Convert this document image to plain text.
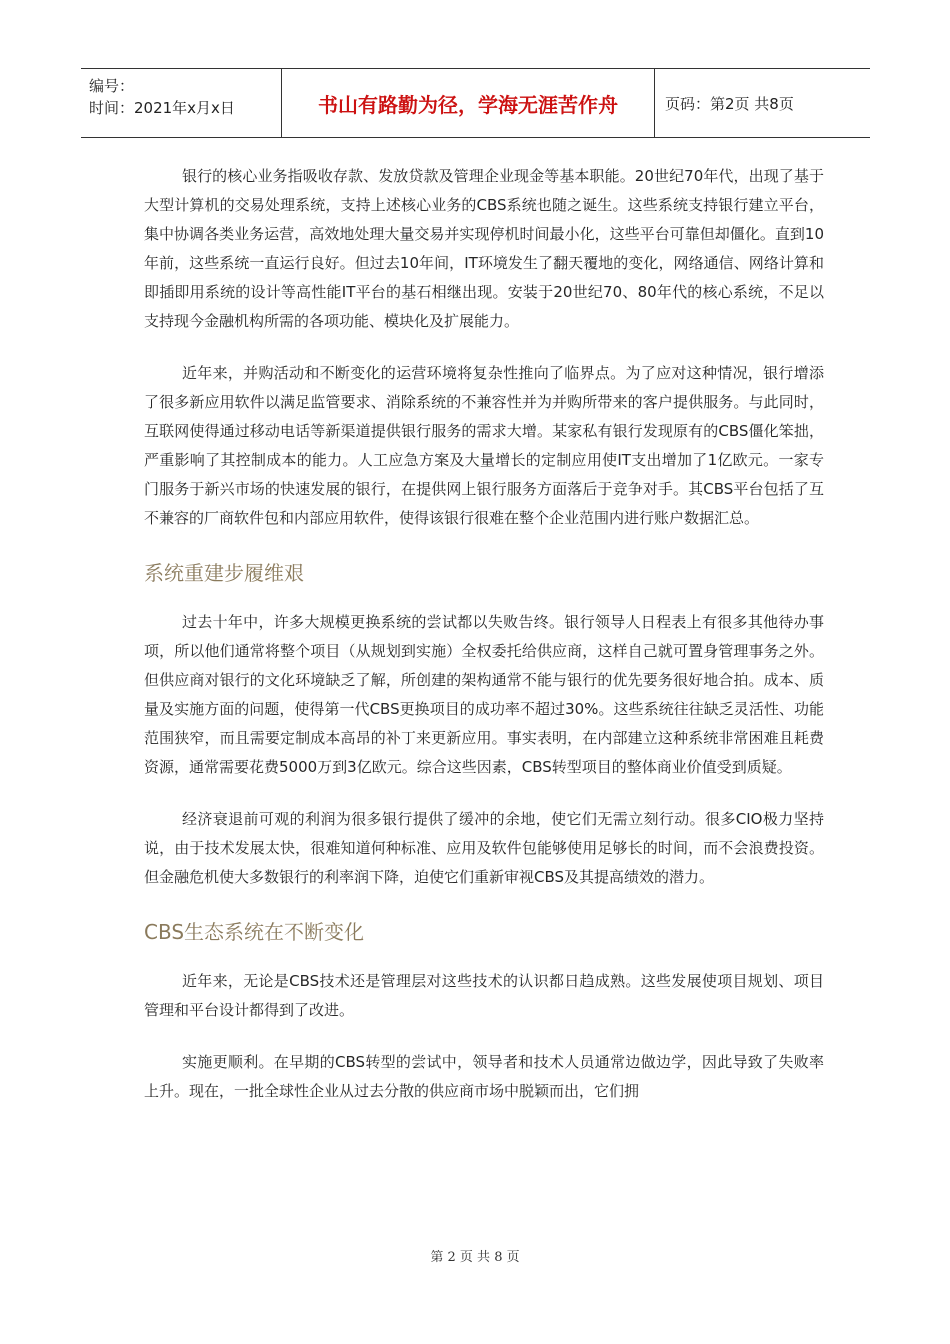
编号：
时间：2021年x月x日	书山有路勤为径，学海无涯苦作舟	页码：第2页 共8页

银行的核心业务指吸收存款、发放贷款及管理企业现金等基本职能。20世纪70年代，出现了基于大型计算机的交易处理系统，支持上述核心业务的CBS系统也随之诞生。这些系统支持银行建立平台，集中协调各类业务运营，高效地处理大量交易并实现停机时间最小化，这些平台可靠但却僵化。直到10年前，这些系统一直运行良好。但过去10年间，IT环境发生了翻天覆地的变化，网络通信、网络计算和即插即用系统的设计等高性能IT平台的基石相继出现。安装于20世纪70、80年代的核心系统，不足以支持现今金融机构所需的各项功能、模块化及扩展能力。

近年来，并购活动和不断变化的运营环境将复杂性推向了临界点。为了应对这种情况，银行增添了很多新应用软件以满足监管要求、消除系统的不兼容性并为并购所带来的客户提供服务。与此同时，互联网使得通过移动电话等新渠道提供银行服务的需求大增。某家私有银行发现原有的CBS僵化笨拙，严重影响了其控制成本的能力。人工应急方案及大量增长的定制应用使IT支出增加了1亿欧元。一家专门服务于新兴市场的快速发展的银行，在提供网上银行服务方面落后于竞争对手。其CBS平台包括了互不兼容的厂商软件包和内部应用软件，使得该银行很难在整个企业范围内进行账户数据汇总。

系统重建步履维艰

过去十年中，许多大规模更换系统的尝试都以失败告终。银行领导人日程表上有很多其他待办事项，所以他们通常将整个项目（从规划到实施）全权委托给供应商，这样自己就可置身管理事务之外。但供应商对银行的文化环境缺乏了解，所创建的架构通常不能与银行的优先要务很好地合拍。成本、质量及实施方面的问题，使得第一代CBS更换项目的成功率不超过30%。这些系统往往缺乏灵活性、功能范围狭窄，而且需要定制成本高昂的补丁来更新应用。事实表明，在内部建立这种系统非常困难且耗费资源，通常需要花费5000万到3亿欧元。综合这些因素，CBS转型项目的整体商业价值受到质疑。

经济衰退前可观的利润为很多银行提供了缓冲的余地，使它们无需立刻行动。很多CIO极力坚持说，由于技术发展太快，很难知道何种标准、应用及软件包能够使用足够长的时间，而不会浪费投资。但金融危机使大多数银行的利率润下降，迫使它们重新审视CBS及其提高绩效的潜力。

CBS生态系统在不断变化

近年来，无论是CBS技术还是管理层对这些技术的认识都日趋成熟。这些发展使项目规划、项目管理和平台设计都得到了改进。

实施更顺利。在早期的CBS转型的尝试中，领导者和技术人员通常边做边学，因此导致了失败率上升。现在，一批全球性企业从过去分散的供应商市场中脱颖而出，它们拥

第 2 页 共 8 页
